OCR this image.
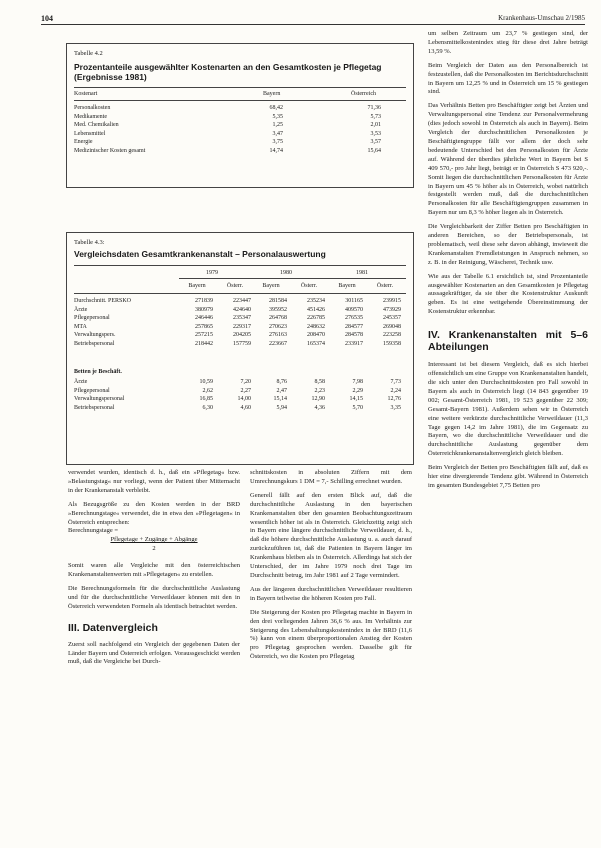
104	Krankenhaus-Umschau 2/1985
Tabelle 4.2
Prozentanteile ausgewählter Kostenarten an den Gesamtkosten je Pflegetag (Ergebnisse 1981)
Kostenart	Bayern	Österreich
Personalkosten	68,42	71,36
Medikamente	5,35	5,73
Med. Chemikalien	1,25	2,01
Lebensmittel	3,47	3,53
Energie	3,75	3,57
Medizinischer Kosten gesamt	14,74	15,64
Tabelle 4.3:
Vergleichsdaten Gesamtkrankenanstalt – Personalauswertung
1979	1980	1981
Bayern	Österr.	Bayern	Österr.	Bayern	Österr.
Durchschnitt. PERSKO	271839	223447	281584	235234	301165	239915
Ärzte	380979	424640	395952	451426	409570	473929
Pflegepersonal	246446	235347	264768	226785	276535	245357
MTA	257865	229317	270623	248632	284577	269048
Verwaltungspers.	257215	204205	276163	208470	284578	223258
Betriebspersonal	218442	157759	223667	165374	233917	159358
Betten je Beschäft.
Ärzte	10,59	7,20	8,76	8,58	7,98	7,73
Pflegepersonal	2,62	2,27	2,47	2,23	2,29	2,24
Verwaltungspersonal	16,85	14,00	15,14	12,90	14,15	12,76
Betriebspersonal	6,30	4,60	5,94	4,36	5,70	3,35

verwendet wurden, identisch d. h., daß ein »Pflegetag« bzw. »Belastungstag« nur vorliegt, wenn der Patient über Mitternacht in der Krankenanstalt verbleibt.

Als Bezugsgröße zu den Kosten werden in der BRD »Berechnungstage« verwendet, die in etwa den »Pflegetagen« in Österreich entsprechen:

Berechnungstage =
Pflegetage + Zugänge + Abgänge
2

Somit waren alle Vergleiche mit den österreichischen Krankenanstaltenwerten mit »Pflegetagen« zu erstellen.

Die Berechnungsformeln für die durchschnittliche Auslastung und für die durchschnittliche Verweildauer können mit den in Österreich verwendeten Formeln als identisch betrachtet werden.

III. Datenvergleich

Zuerst soll nachfolgend ein Vergleich der gegebenen Daten der Länder Bayern und Österreich erfolgen. Voraussgeschickt werden muß, daß die Vergleiche bei Durch-

schnittskosten in absoluten Ziffern mit dem Umrechnungskurs 1 DM = 7,- Schilling errechnet wurden.

Generell fällt auf den ersten Blick auf, daß die durchschnittliche Auslastung in den bayerischen Krankenanstalten über den gesamten Beobachtungszeitraum wesentlich höher ist als in Österreich. Gleichzeitig zeigt sich in Bayern eine längere durchschnittliche Verweildauer, d. h., daß die höhere durchschnittliche Auslastung u. a. auch darauf zurückzuführen ist, daß die Patienten in Bayern länger im Krankenhaus bleiben als in Österreich. Allerdings hat sich der Unterschied, der im Jahre 1979 noch drei Tage im Durchschnitt betrug, im Jahr 1981 auf 2 Tage vermindert.

Aus der längeren durchschnittlichen Verweildauer resultieren in Bayern teilweise die höheren Kosten pro Fall.

Die Steigerung der Kosten pro Pflegetag machte in Bayern in den drei vorliegenden Jahren 36,6 % aus. Im Verhältnis zur Steigerung des Lebenshaltungskostenindex in der BRD (11,6 %) kann von einem überproportionalen Anstieg der Kosten pro Pflegetag gesprochen werden. Dasselbe gilt für Österreich, wo die Kosten pro Pflegetag

um selben Zeitraum um 23,7 % gestiegen sind, der Lebensmittelkostenindex stieg für diese drei Jahre beträgt 13,59 %.

Beim Vergleich der Daten aus den Personalbereich ist festzustellen, daß die Personalkosten im Berichtsdurchschnitt in Bayern um 12,25 % und in Österreich um 15 % gestiegen sind.

Das Verhältnis Betten pro Beschäftigter zeigt bei Ärzten und Verwaltungspersonal eine Tendenz zur Personalvermehrung (dies jedoch sowohl in Österreich als auch in Bayern). Beim Vergleich der durchschnittlichen Personalkosten je Beschäftigtengruppe fällt vor allem der doch sehr bedeutende Unterschied bei den Personalkosten für Ärzte auf. Während der überdies jährliche Wert in Bayern bei S 409 570,- pro Jahr liegt, beträgt er in Österreich S 473 920,-. Somit liegen die durchschnittlichen Personalkosten für Ärzte in Bayern um 45 % höher als in Österreich, wobei natürlich festgestellt werden muß, daß die durchschnittlichen Personalkosten für alle Beschäftigtengruppen zusammen in Bayern nur um 8,3 % höher liegen als in Österreich.

Die Vergleichbarkeit der Ziffer Betten pro Beschäftigten in anderen Bereichen, so der Betriebspersonals, ist problematisch, weil diese sehr davon abhängt, inwieweit die Krankenanstalten Fremdleistungen in Anspruch nehmen, so z. B. in der Reinigung, Wäscherei, Technik usw.

Wie aus der Tabelle 6.1 ersichtlich ist, sind Prozentanteile ausgewählter Kostenarten an den Gesamtkosten je Pflegetag aussagekräftiger, da sie über die Kostenstruktur Auskunft geben. Es ist eine weitgehende Übereinstimmung der Kostenstruktur erkennbar.

IV. Krankenanstalten mit 5–6 Abteilungen

Interessant ist bei diesem Vergleich, daß es sich hierbei offensichtlich um eine Gruppe von Krankenanstalten handelt, die sich unter den Durchschnittskosten pro Fall sowohl in Bayern als auch in Österreich liegt (14 843 gegenüber 19 002; Gesamt-Österreich 1981, 19 523 gegenüber 22 309; Gesamt-Bayern 1981). Außerdem sehen wir in Österreich eine weitere verkürzte durchschnittliche Verweildauer (11,3 Tage gegen 14,2 im Jahre 1981), die im Gegensatz zu Bayern, wo die durchschnittliche Verweildauer und die durchschnittliche Auslastung gegenüber dem Österreichkrankenanstaltenvergleich gleich bleiben.

Beim Vergleich der Betten pro Beschäftigten fällt auf, daß es hier eine divergierende Tendenz gibt. Während in Österreich im gesamten Bundesgebiet 7,75 Betten pro
